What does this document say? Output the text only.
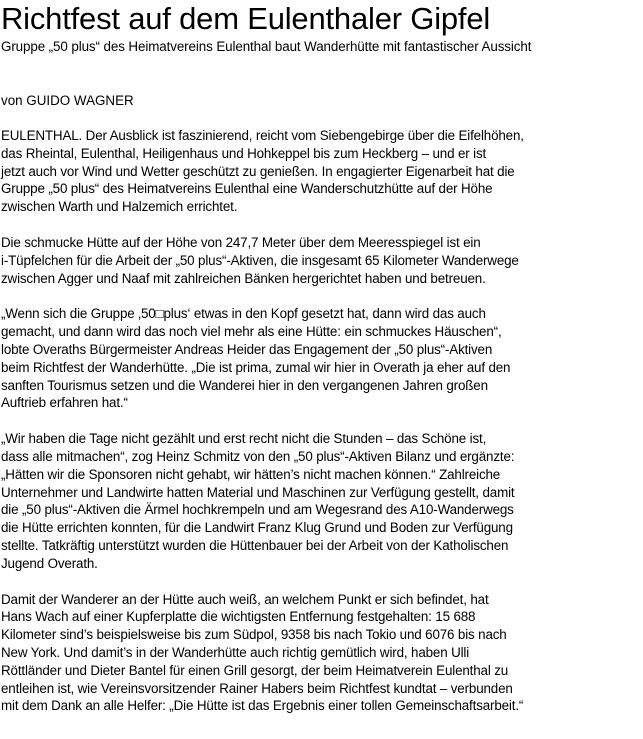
Richtfest auf dem Eulenthaler Gipfel

Gruppe „50 plus“ des Heimatvereins Eulenthal baut Wanderhütte mit fantastischer Aussicht

von GUIDO WAGNER

EULENTHAL. Der Ausblick ist faszinierend, reicht vom Siebengebirge über die Eifelhöhen,
das Rheintal, Eulenthal, Heiligenhaus und Hohkeppel bis zum Heckberg – und er ist
jetzt auch vor Wind und Wetter geschützt zu genießen. In engagierter Eigenarbeit hat die
Gruppe „50 plus“ des Heimatvereins Eulenthal eine Wanderschutzhütte auf der Höhe
zwischen Warth und Halzemich errichtet.

Die schmucke Hütte auf der Höhe von 247,7 Meter über dem Meeresspiegel ist ein
i-Tüpfelchen für die Arbeit der „50 plus“-Aktiven, die insgesamt 65 Kilometer Wanderwege
zwischen Agger und Naaf mit zahlreichen Bänken hergerichtet haben und betreuen.

„Wenn sich die Gruppe ‚50□plus‘ etwas in den Kopf gesetzt hat, dann wird das auch
gemacht, und dann wird das noch viel mehr als eine Hütte: ein schmuckes Häuschen“,
lobte Overaths Bürgermeister Andreas Heider das Engagement der „50 plus“-Aktiven
beim Richtfest der Wanderhütte. „Die ist prima, zumal wir hier in Overath ja eher auf den
sanften Tourismus setzen und die Wanderei hier in den vergangenen Jahren großen
Auftrieb erfahren hat.“

„Wir haben die Tage nicht gezählt und erst recht nicht die Stunden – das Schöne ist,
dass alle mitmachen“, zog Heinz Schmitz von den „50 plus“-Aktiven Bilanz und ergänzte:
„Hätten wir die Sponsoren nicht gehabt, wir hätten’s nicht machen können.“ Zahlreiche
Unternehmer und Landwirte hatten Material und Maschinen zur Verfügung gestellt, damit
die „50 plus“-Aktiven die Ärmel hochkrempeln und am Wegesrand des A10-Wanderwegs
die Hütte errichten konnten, für die Landwirt Franz Klug Grund und Boden zur Verfügung
stellte. Tatkräftig unterstützt wurden die Hüttenbauer bei der Arbeit von der Katholischen
Jugend Overath.

Damit der Wanderer an der Hütte auch weiß, an welchem Punkt er sich befindet, hat
Hans Wach auf einer Kupferplatte die wichtigsten Entfernung festgehalten: 15 688
Kilometer sind’s beispielsweise bis zum Südpol, 9358 bis nach Tokio und 6076 bis nach
New York. Und damit’s in der Wanderhütte auch richtig gemütlich wird, haben Ulli
Röttländer und Dieter Bantel für einen Grill gesorgt, der beim Heimatverein Eulenthal zu
entleihen ist, wie Vereinsvorsitzender Rainer Habers beim Richtfest kundtat – verbunden
mit dem Dank an alle Helfer: „Die Hütte ist das Ergebnis einer tollen Gemeinschaftsarbeit.“
